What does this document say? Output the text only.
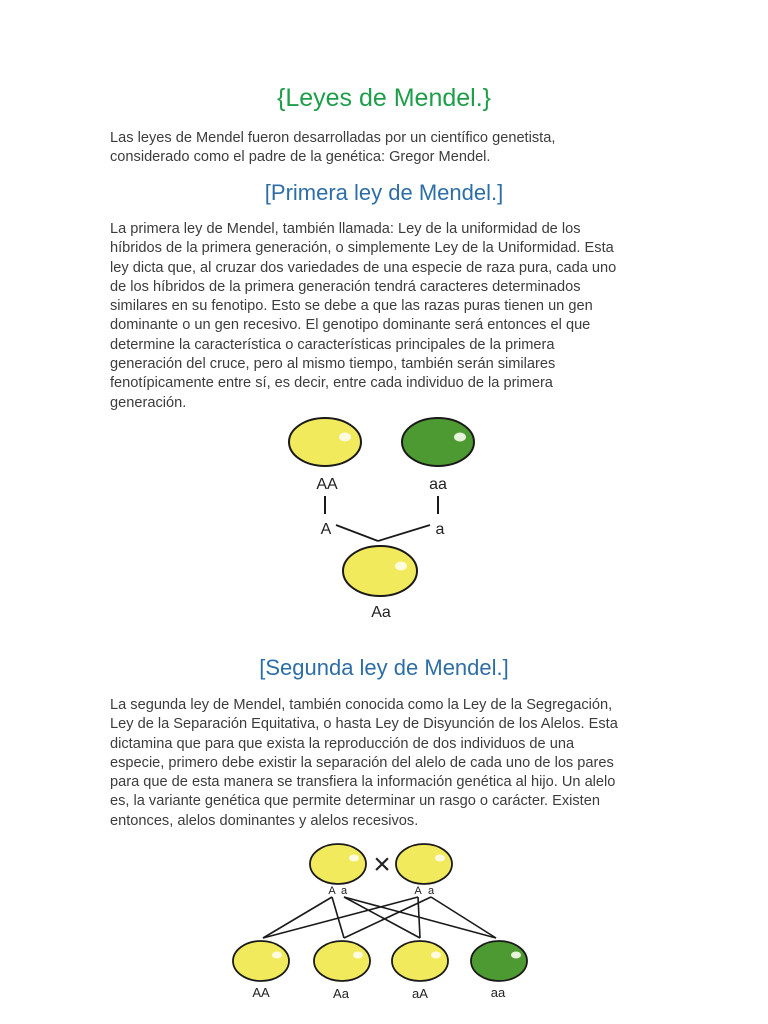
{Leyes de Mendel.}

Las leyes de Mendel fueron desarrolladas por un científico genetista,
considerado como el padre de la genética: Gregor Mendel.

[Primera ley de Mendel.]

La primera ley de Mendel, también llamada: Ley de la uniformidad de los
híbridos de la primera generación, o simplemente Ley de la Uniformidad. Esta
ley dicta que, al cruzar dos variedades de una especie de raza pura, cada uno
de los híbridos de la primera generación tendrá caracteres determinados
similares en su fenotipo. Esto se debe a que las razas puras tienen un gen
dominante o un gen recesivo. El genotipo dominante será entonces el que
determine la característica o características principales de la primera
generación del cruce, pero al mismo tiempo, también serán similares
fenotípicamente entre sí, es decir, entre cada individuo de la primera
generación.

AA	aa
A	a
Aa
[Segunda ley de Mendel.]

La segunda ley de Mendel, también conocida como la Ley de la Segregación,
Ley de la Separación Equitativa, o hasta Ley de Disyunción de los Alelos. Esta
dictamina que para que exista la reproducción de dos individuos de una
especie, primero debe existir la separación del alelo de cada uno de los pares
para que de esta manera se transfiera la información genética al hijo. Un alelo
es, la variante genética que permite determinar un rasgo o carácter. Existen
entonces, alelos dominantes y alelos recesivos.

×
A a	A a
AA	Aa	aA	aa
